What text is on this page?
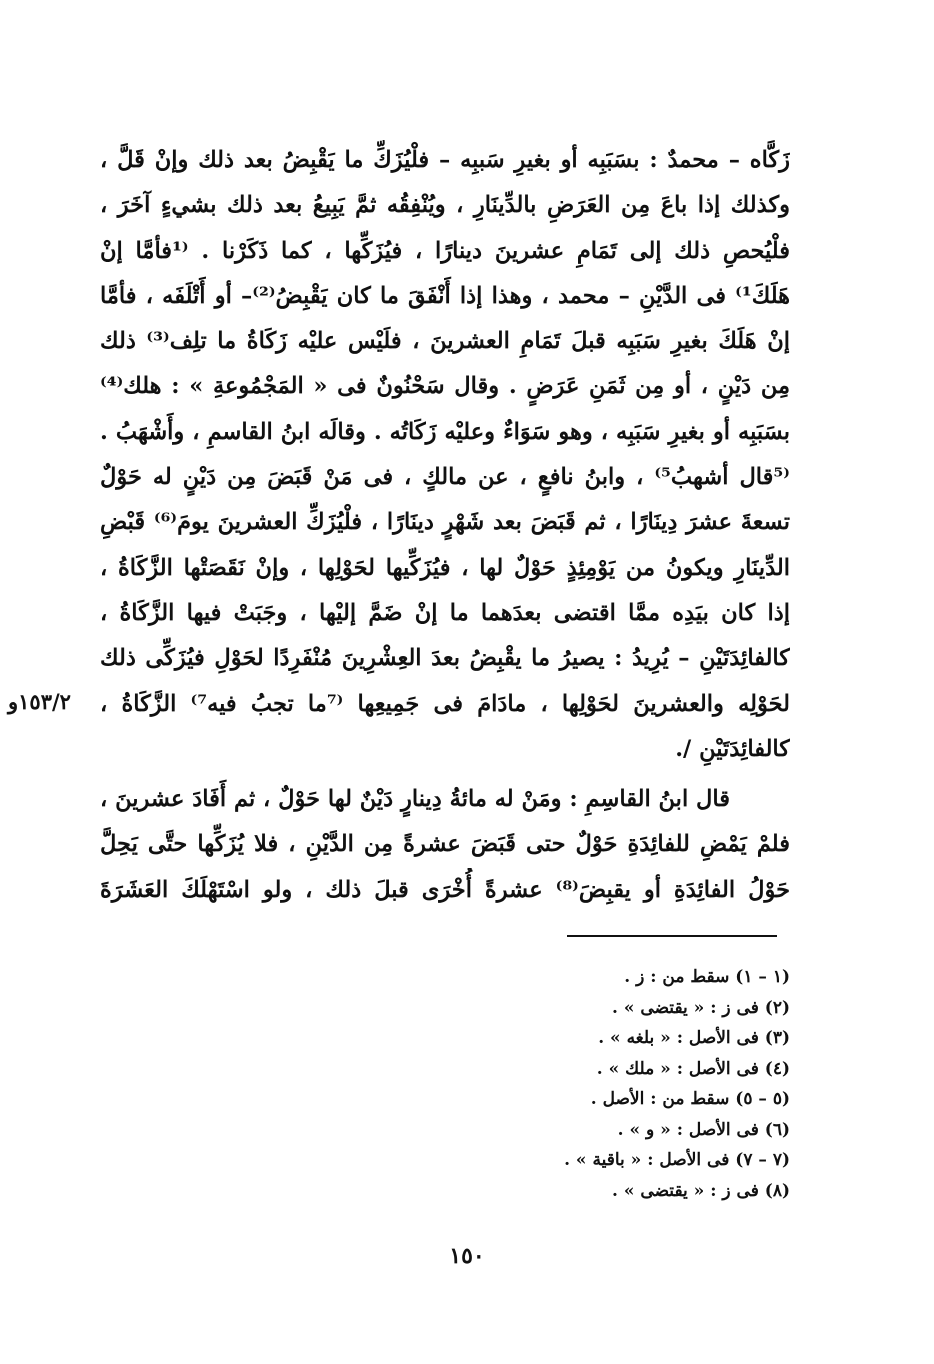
زَكَّاه – محمدٌ : بسَبَبِه أو بغيرِ سَببِه – فلْيُزَكِّ ما يَقْبِضُ بعد ذلك وإنْ قَلَّ ،
وكذلك إذا باعَ مِن العَرَضِ بالدِّينَارِ ، ويُنْفِقُه ثمَّ يَبِيعُ بعد ذلك بشيءٍ آخَرَ ،
فلْيُحصِ ذلك إلى تَمَامِ عشرينَ دينارًا ، فيُزَكِّها ، كما ذَكَرْنا . ⁽¹فأمَّا إنْ
هَلَكَ¹⁾ فى الدَّيْنِ – محمد ، وهذا إذا أَنْفَقَ ما كان يَقْبِضُ⁽²⁾– أو أَتْلَفَه ، فأمَّا
إنْ هَلَكَ بغيرِ سَبَبِه قبلَ تَمَامِ العشرينَ ، فلَيْس عليْه زَكَاةُ ما تلِف⁽³⁾ ذلك
مِن دَيْنٍ ، أو مِن ثَمَنِ عَرَضٍ . وقال سَحْنُونٌ فى « المَجْمُوعةِ » : هلك⁽⁴⁾
بسَبَبِه أو بغيرِ سَبَبِه ، وهو سَوَاءٌ وعليْه زَكَاتُه . وقالَه ابنُ القاسمِ ، وأَشْهَبُ .
⁽⁵قال أشهبُ⁵⁾ ، وابنُ نافعٍ ، عن مالكٍ ، فى مَنْ قَبَضَ مِن دَيْنٍ له حَوْلٌ
تسعةَ عشرَ دِينَارًا ، ثم قَبَضَ بعد شَهْرٍ دينَارًا ، فلْيُزَكِّ العشرينَ يومَ⁽⁶⁾ قَبْضِ
الدِّينَارِ ويكونُ من يَوْمِئِذٍ حَوْلٌ لها ، فيُزَكِّيها لحَوْلِها ، وإنْ نَقَصَتْها الزَّكَاةُ ،
إذا كان بيَدِه ممَّا اقتضى بعدَهما ما إنْ ضَمَّ إليْها ، وجَبَتْ فيها الزَّكَاةُ ،
كالفائِدَتَيْنِ – يُرِيدُ : يصيرُ ما يقْبِضُ بعدَ العِشْرِينَ مُنْفَرِدًا لحَوْلِ فيُزَكِّى ذلك
لحَوْلِه والعشرينَ لحَوْلِها ، مادَامَ فى جَمِيعِها ⁽⁷ما تجبُ فيه⁷⁾ الزَّكَاةُ ،
كالفائِدَتَيْنِ /.
١٥٣/٢و
قال ابنُ القاسِمِ : ومَنْ له مائةُ دِينارٍ دَيْنٌ لها حَوْلٌ ، ثم أَفَادَ عشرينَ ،
فلمْ يَمْضِ للفائِدَةِ حَوْلٌ حتى قَبَضَ عشرةً مِن الدَّيْنِ ، فلا يُزَكِّها حتَّى يَحِلَّ
حَوْلُ الفائِدَةِ أو يقبِضَ⁽⁸⁾ عشرةً أُخْرَى قبلَ ذلك ، ولو اسْتَهْلَكَ العَشَرَةَ
(١ – ١) سقط من : ز .
(٢) فى ز : « يقتضى » .
(٣) فى الأصل : « بلغه » .
(٤) فى الأصل : « ملك » .
(٥ – ٥) سقط من : الأصل .
(٦) فى الأصل : « و » .
(٧ – ٧) فى الأصل : « باقية » .
(٨) فى ز : « يقتضى » .
١٥٠
